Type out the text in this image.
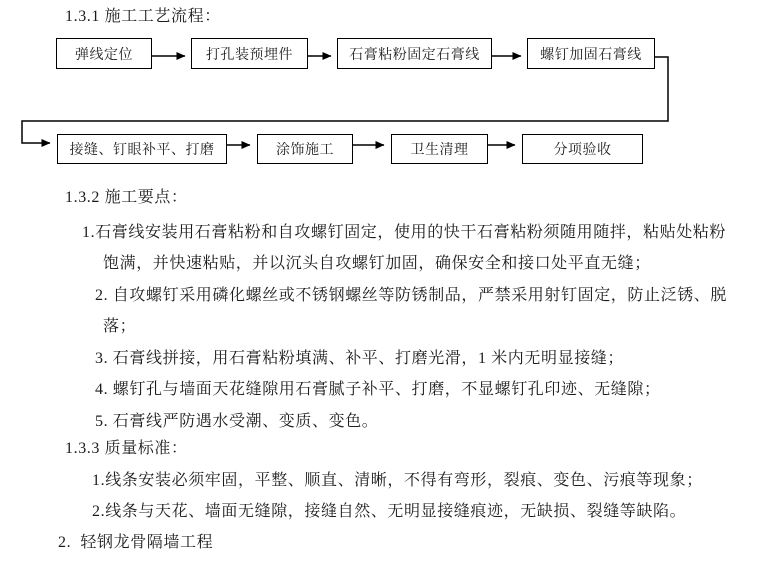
1.3.1 施工工艺流程：
弹线定位	打孔装预埋件	石膏粘粉固定石膏线	螺钉加固石膏线
接缝、钉眼补平、打磨	涂饰施工	卫生清理	分项验收
1.3.2 施工要点：
1.石膏线安装用石膏粘粉和自攻螺钉固定，使用的快干石膏粘粉须随用随拌，粘贴处粘粉
饱满，并快速粘贴，并以沉头自攻螺钉加固，确保安全和接口处平直无缝；
2. 自攻螺钉采用磷化螺丝或不锈钢螺丝等防锈制品，严禁采用射钉固定，防止泛锈、脱
落；
3. 石膏线拼接，用石膏粘粉填满、补平、打磨光滑，1 米内无明显接缝；
4. 螺钉孔与墙面天花缝隙用石膏腻子补平、打磨，不显螺钉孔印迹、无缝隙；
5. 石膏线严防遇水受潮、变质、变色。
1.3.3 质量标准：
1.线条安装必须牢固，平整、顺直、清晰，不得有弯形，裂痕、变色、污痕等现象；
2.线条与天花、墙面无缝隙，接缝自然、无明显接缝痕迹，无缺损、裂缝等缺陷。
2.  轻钢龙骨隔墙工程
